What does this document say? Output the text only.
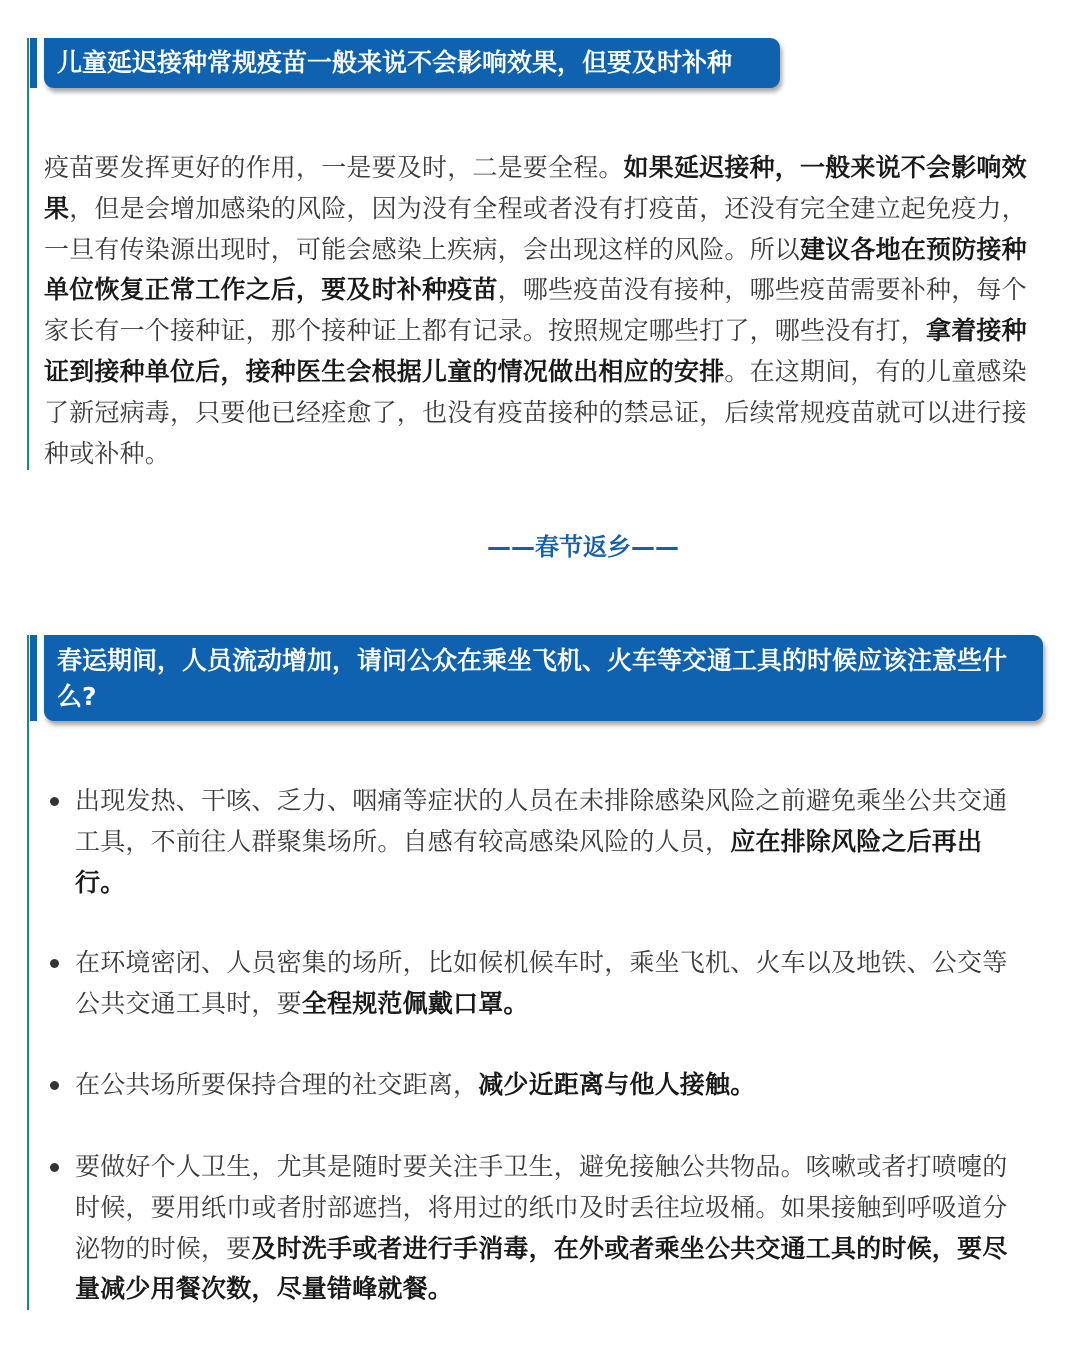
儿童延迟接种常规疫苗一般来说不会影响效果，但要及时补种

疫苗要发挥更好的作用，一是要及时，二是要全程。如果延迟接种，一般来说不会影响效果，但是会增加感染的风险，因为没有全程或者没有打疫苗，还没有完全建立起免疫力，一旦有传染源出现时，可能会感染上疾病，会出现这样的风险。所以建议各地在预防接种单位恢复正常工作之后，要及时补种疫苗，哪些疫苗没有接种，哪些疫苗需要补种，每个家长有一个接种证，那个接种证上都有记录。按照规定哪些打了，哪些没有打，拿着接种证到接种单位后，接种医生会根据儿童的情况做出相应的安排。在这期间，有的儿童感染了新冠病毒，只要他已经痊愈了，也没有疫苗接种的禁忌证，后续常规疫苗就可以进行接种或补种。

——春节返乡——
春运期间，人员流动增加，请问公众在乘坐飞机、火车等交通工具的时候应该注意些什么?

出现发热、干咳、乏力、咽痛等症状的人员在未排除感染风险之前避免乘坐公共交通工具，不前往人群聚集场所。自感有较高感染风险的人员，应在排除风险之后再出行。

在环境密闭、人员密集的场所，比如候机候车时，乘坐飞机、火车以及地铁、公交等公共交通工具时，要全程规范佩戴口罩。

在公共场所要保持合理的社交距离，减少近距离与他人接触。

要做好个人卫生，尤其是随时要关注手卫生，避免接触公共物品。咳嗽或者打喷嚏的时候，要用纸巾或者肘部遮挡，将用过的纸巾及时丢往垃圾桶。如果接触到呼吸道分泌物的时候，要及时洗手或者进行手消毒，在外或者乘坐公共交通工具的时候，要尽量减少用餐次数，尽量错峰就餐。
